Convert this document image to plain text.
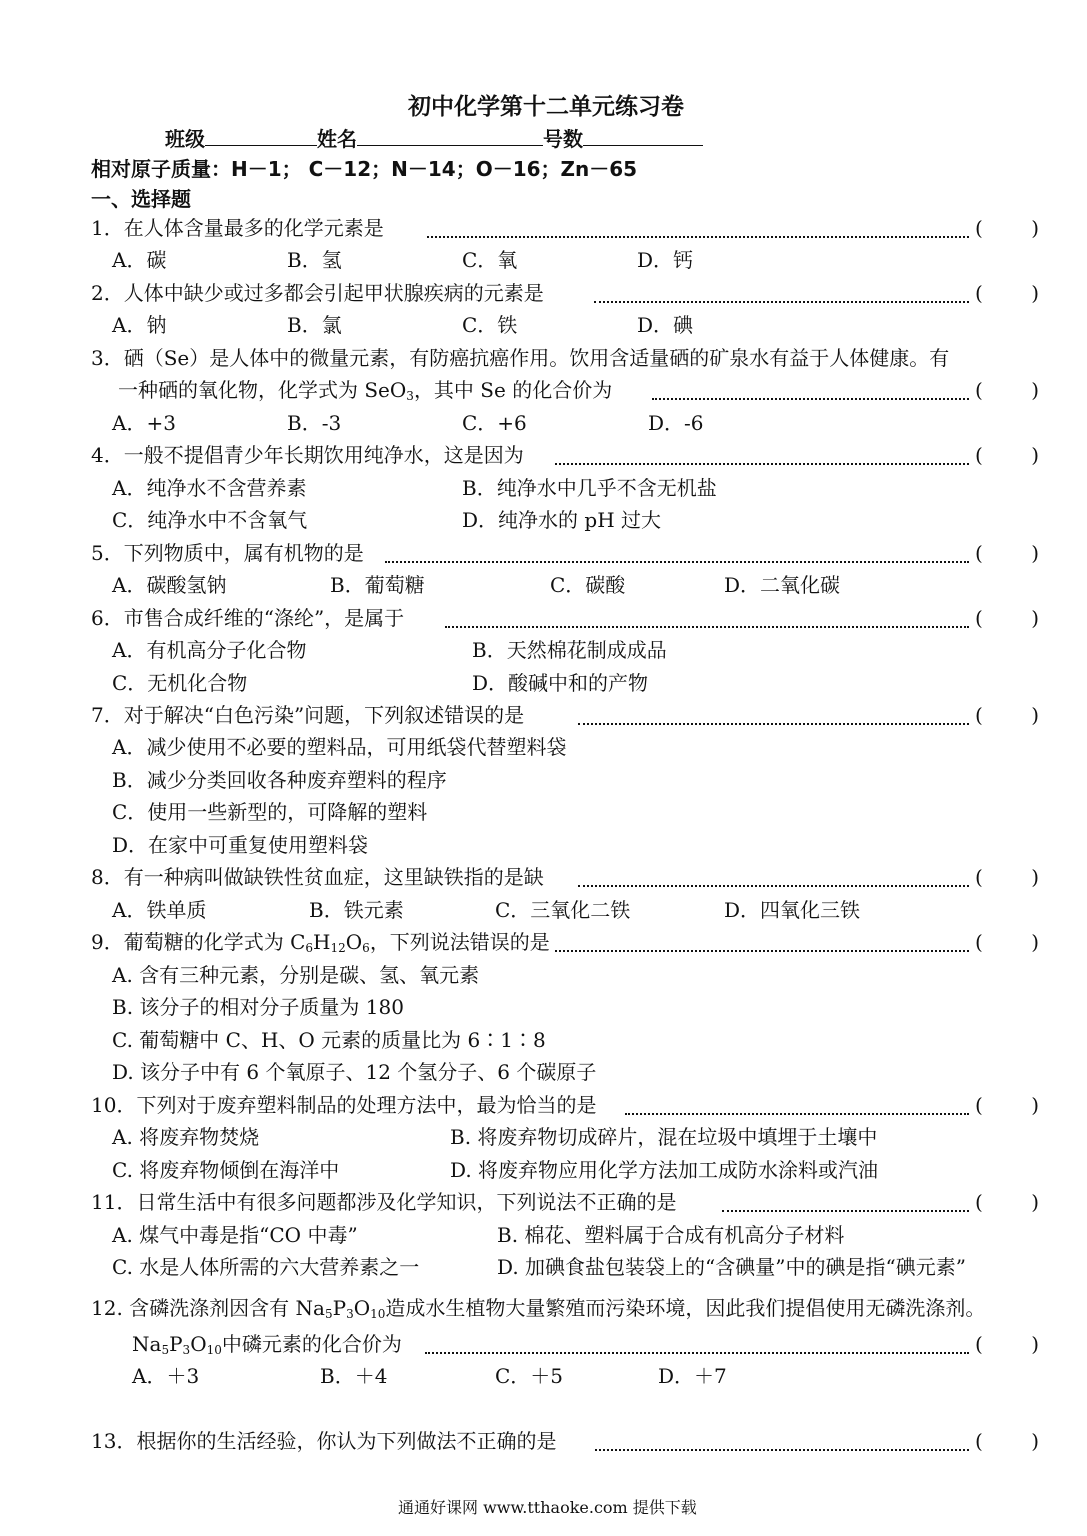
初中化学第十二单元练习卷
班级	姓名	号数
相对原子质量：H－1； C－12；N－14；O－16；Zn－65
一、选择题
1．在人体含量最多的化学元素是	( )
A．碳	B．氢	C．氧	D．钙
2．人体中缺少或过多都会引起甲状腺疾病的元素是	( )
A．钠	B．氯	C．铁	D．碘
3．硒（Se）是人体中的微量元素，有防癌抗癌作用。饮用含适量硒的矿泉水有益于人体健康。有
一种硒的氧化物，化学式为 SeO$_3$，其中 Se 的化合价为	( )
A．+3	B．-3	C．+6	D．-6
4．一般不提倡青少年长期饮用纯净水，这是因为	( )
A．纯净水不含营养素	B．纯净水中几乎不含无机盐
C．纯净水中不含氧气	D．纯净水的 pH 过大
5．下列物质中，属有机物的是	( )
A．碳酸氢钠	B．葡萄糖	C．碳酸	D．二氧化碳
6．市售合成纤维的“涤纶”，是属于	( )
A．有机高分子化合物	B．天然棉花制成成品
C．无机化合物	D．酸碱中和的产物
7．对于解决“白色污染”问题，下列叙述错误的是	( )
A．减少使用不必要的塑料品，可用纸袋代替塑料袋
B．减少分类回收各种废弃塑料的程序
C．使用一些新型的，可降解的塑料
D．在家中可重复使用塑料袋
8．有一种病叫做缺铁性贫血症，这里缺铁指的是缺	( )
A．铁单质	B．铁元素	C．三氧化二铁	D．四氧化三铁
9．葡萄糖的化学式为 $C_6H_{12}O_6$，下列说法错误的是	( )
A. 含有三种元素，分别是碳、氢、氧元素
B. 该分子的相对分子质量为 180
C. 葡萄糖中 C、H、O 元素的质量比为 6∶1∶8
D. 该分子中有 6 个氧原子、12 个氢分子、6 个碳原子
10．下列对于废弃塑料制品的处理方法中，最为恰当的是	( )
A. 将废弃物焚烧	B. 将废弃物切成碎片，混在垃圾中填埋于土壤中
C. 将废弃物倾倒在海洋中	D. 将废弃物应用化学方法加工成防水涂料或汽油
11．日常生活中有很多问题都涉及化学知识，下列说法不正确的是	( )
A. 煤气中毒是指“CO 中毒”	B. 棉花、塑料属于合成有机高分子材料
C. 水是人体所需的六大营养素之一	D. 加碘食盐包装袋上的“含碘量”中的碘是指“碘元素”
12. 含磷洗涤剂因含有 $Na_5P_3O_{10}$造成水生植物大量繁殖而污染环境，因此我们提倡使用无磷洗涤剂。
$Na_5P_3O_{10}$中磷元素的化合价为	( )
A．＋3	B．＋4	C．＋5	D．＋7
13．根据你的生活经验，你认为下列做法不正确的是	( )
通通好课网 www.tthaoke.com 提供下载
